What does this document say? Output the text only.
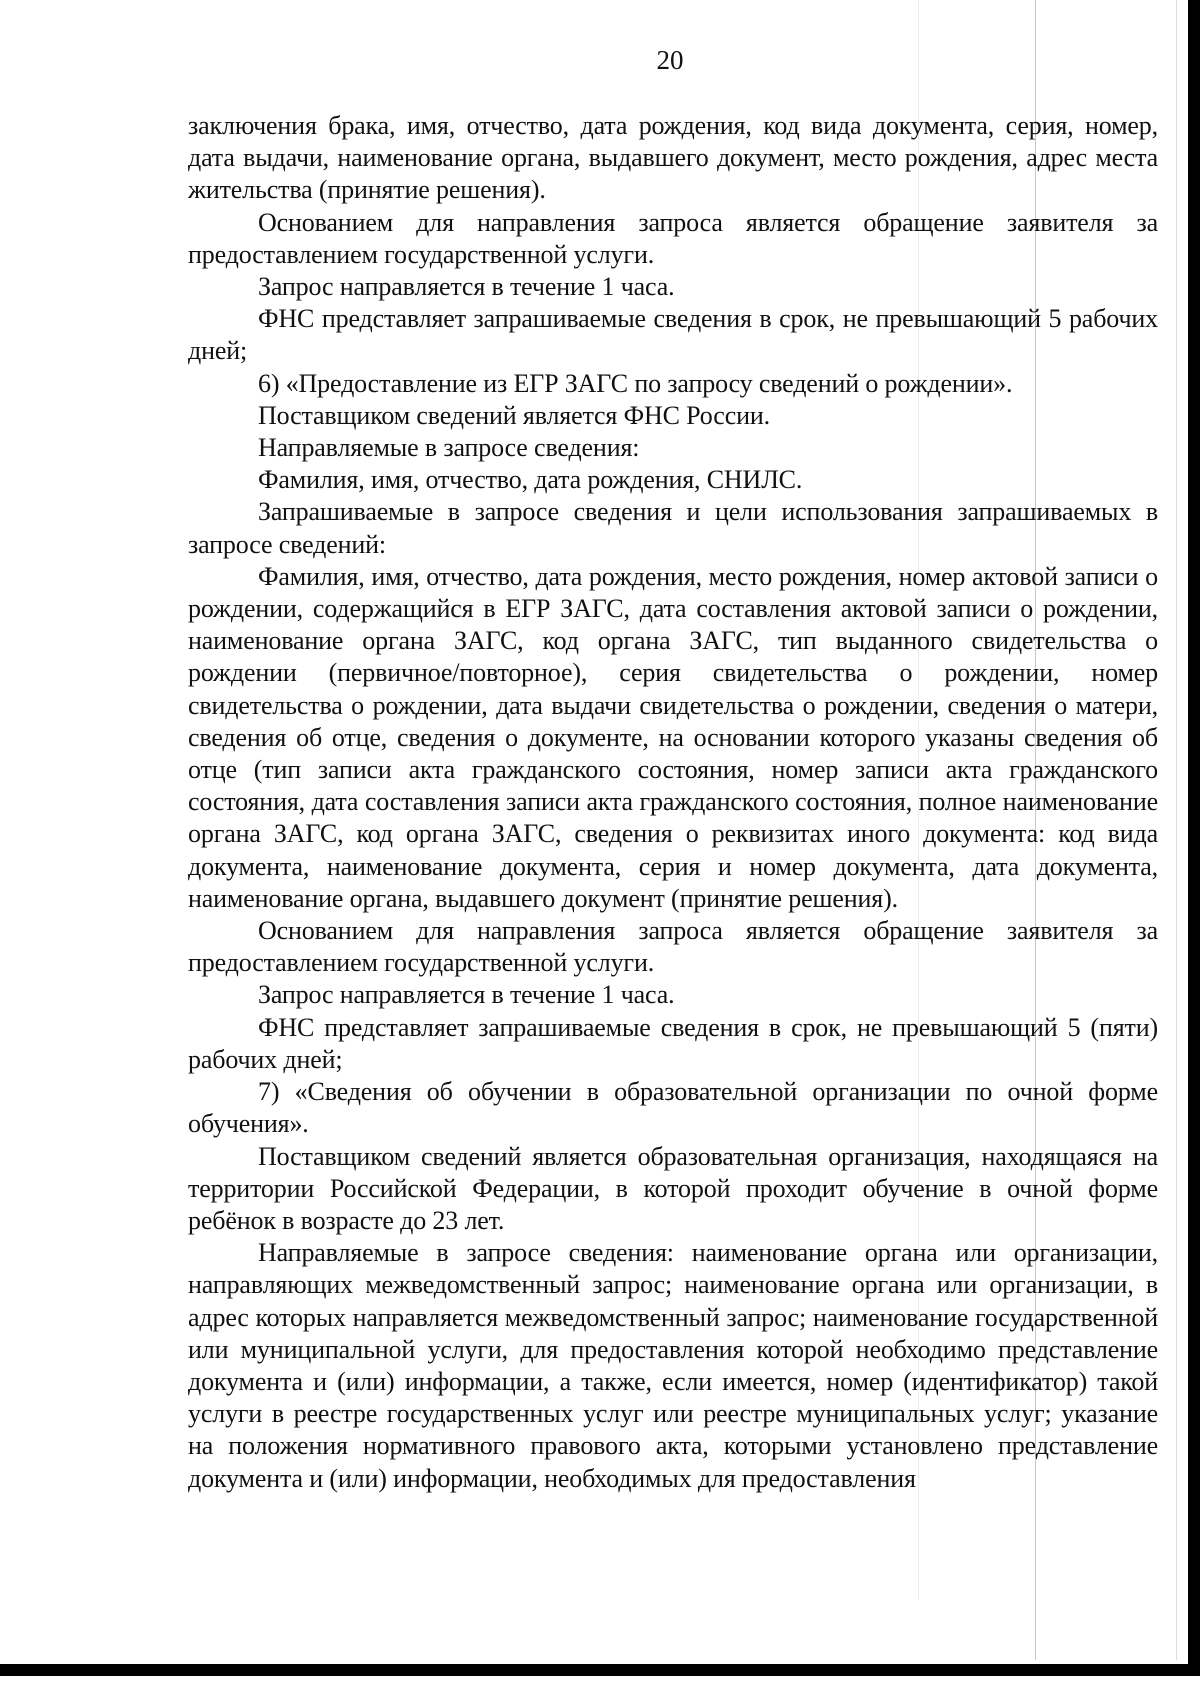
20

заключения брака, имя, отчество, дата рождения, код вида документа, серия, номер, дата выдачи, наименование органа, выдавшего документ, место рождения, адрес места жительства (принятие решения).

Основанием для направления запроса является обращение заявителя за предоставлением государственной услуги.

Запрос направляется в течение 1 часа.

ФНС представляет запрашиваемые сведения в срок, не превышающий 5 рабочих дней;

6) «Предоставление из ЕГР ЗАГС по запросу сведений о рождении».

Поставщиком сведений является ФНС России.

Направляемые в запросе сведения:

Фамилия, имя, отчество, дата рождения, СНИЛС.

Запрашиваемые в запросе сведения и цели использования запрашиваемых в запросе сведений:

Фамилия, имя, отчество, дата рождения, место рождения, номер актовой записи о рождении, содержащийся в ЕГР ЗАГС, дата составления актовой записи о рождении, наименование органа ЗАГС, код органа ЗАГС, тип выданного свидетельства о рождении (первичное/повторное), серия свидетельства о рождении, номер свидетельства о рождении, дата выдачи свидетельства о рождении, сведения о матери, сведения об отце, сведения о документе, на основании которого указаны сведения об отце (тип записи акта гражданского состояния, номер записи акта гражданского состояния, дата составления записи акта гражданского состояния, полное наименование органа ЗАГС, код органа ЗАГС, сведения о реквизитах иного документа: код вида документа, наименование документа, серия и номер документа, дата документа, наименование органа, выдавшего документ (принятие решения).

Основанием для направления запроса является обращение заявителя за предоставлением государственной услуги.

Запрос направляется в течение 1 часа.

ФНС представляет запрашиваемые сведения в срок, не превышающий 5 (пяти) рабочих дней;

7) «Сведения об обучении в образовательной организации по очной форме обучения».

Поставщиком сведений является образовательная организация, находящаяся на территории Российской Федерации, в которой проходит обучение в очной форме ребёнок в возрасте до 23 лет.

Направляемые в запросе сведения: наименование органа или организации, направляющих межведомственный запрос; наименование органа или организации, в адрес которых направляется межведомственный запрос; наименование государственной или муниципальной услуги, для предоставления которой необходимо представление документа и (или) информации, а также, если имеется, номер (идентификатор) такой услуги в реестре государственных услуг или реестре муниципальных услуг; указание на положения нормативного правового акта, которыми установлено представление документа и (или) информации, необходимых для предоставления
